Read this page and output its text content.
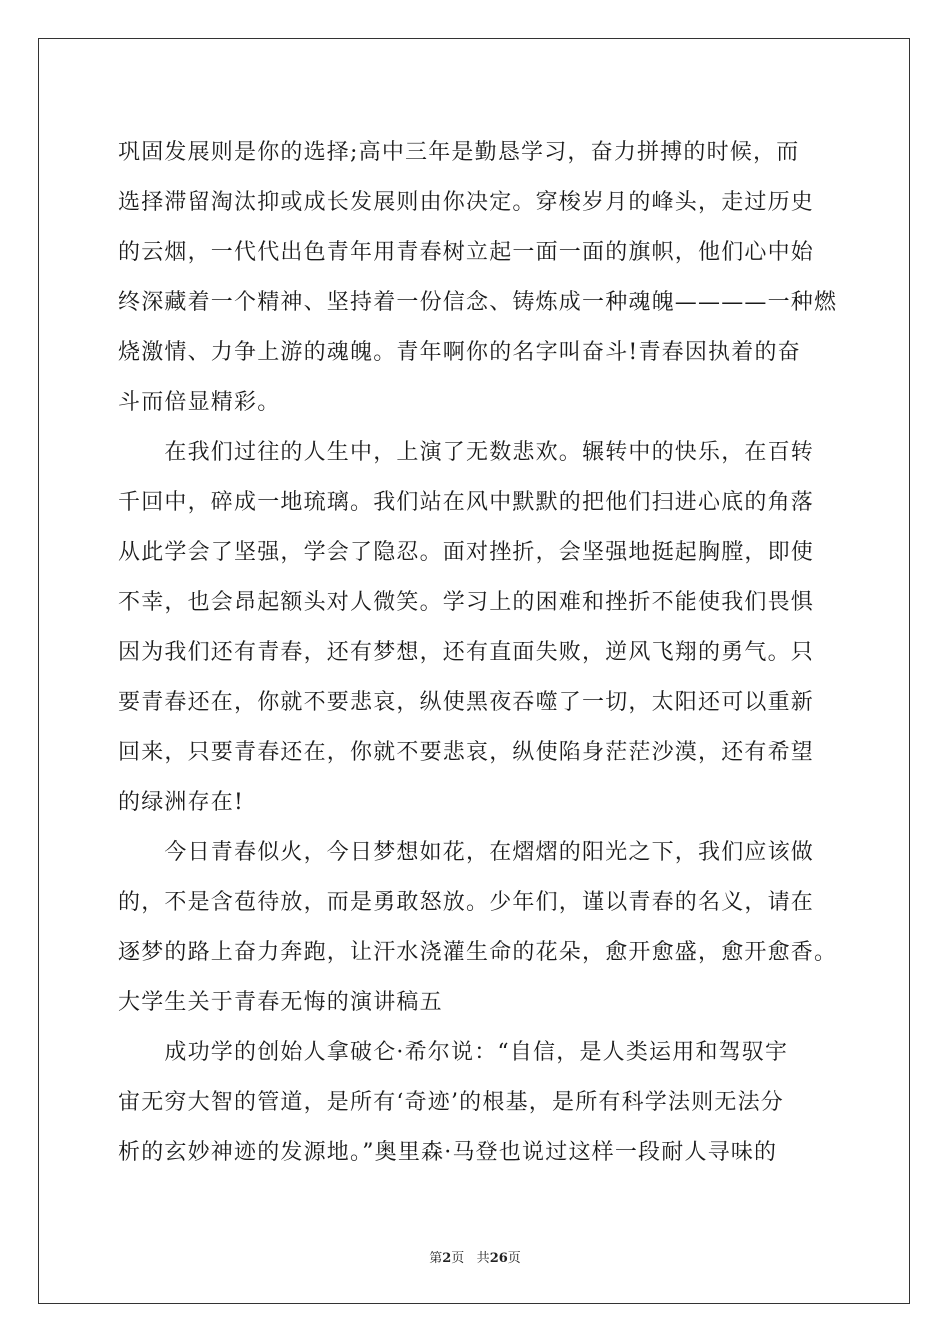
巩固发展则是你的选择;高中三年是勤恳学习，奋力拼搏的时候，而
选择滞留淘汰抑或成长发展则由你决定。穿梭岁月的峰头，走过历史
的云烟，一代代出色青年用青春树立起一面一面的旗帜，他们心中始
终深藏着一个精神、坚持着一份信念、铸炼成一种魂魄————一种燃
烧激情、力争上游的魂魄。青年啊你的名字叫奋斗!青春因执着的奋
斗而倍显精彩。
　　在我们过往的人生中，上演了无数悲欢。辗转中的快乐，在百转
千回中，碎成一地琉璃。我们站在风中默默的把他们扫进心底的角落
从此学会了坚强，学会了隐忍。面对挫折，会坚强地挺起胸膛，即使
不幸，也会昂起额头对人微笑。学习上的困难和挫折不能使我们畏惧
因为我们还有青春，还有梦想，还有直面失败，逆风飞翔的勇气。只
要青春还在，你就不要悲哀，纵使黑夜吞噬了一切，太阳还可以重新
回来，只要青春还在，你就不要悲哀，纵使陷身茫茫沙漠，还有希望
的绿洲存在!
　　今日青春似火，今日梦想如花，在熠熠的阳光之下，我们应该做
的，不是含苞待放，而是勇敢怒放。少年们，谨以青春的名义，请在
逐梦的路上奋力奔跑，让汗水浇灌生命的花朵，愈开愈盛，愈开愈香。
大学生关于青春无悔的演讲稿五
　　成功学的创始人拿破仑·希尔说：“自信，是人类运用和驾驭宇
宙无穷大智的管道，是所有‘奇迹’的根基，是所有科学法则无法分
析的玄妙神迹的发源地。”奥里森·马登也说过这样一段耐人寻味的
第2页 共26页
